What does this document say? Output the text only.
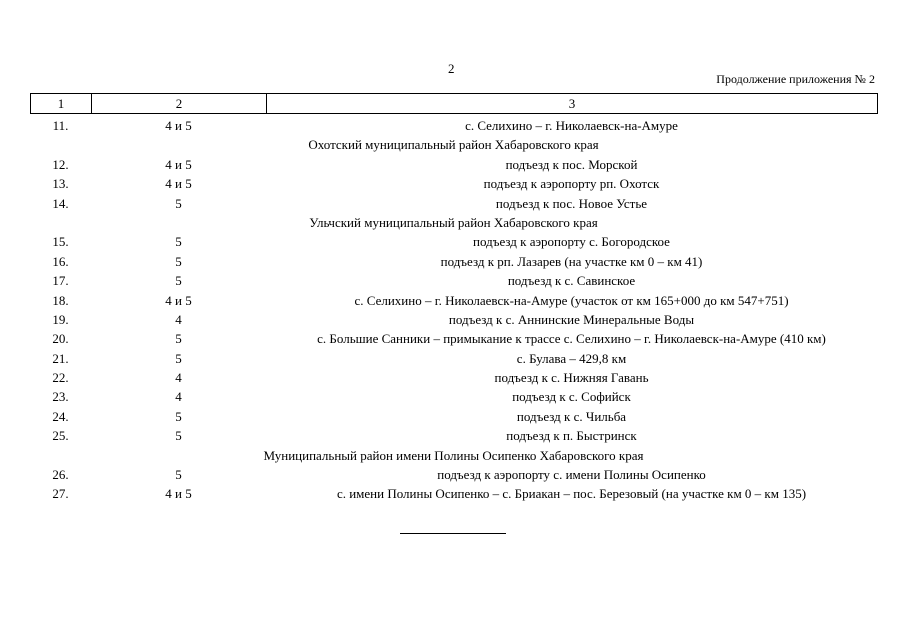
2
Продолжение приложения № 2
1	2	3
11.	4 и 5	с. Селихино – г. Николаевск-на-Амуре
Охотский муниципальный район Хабаровского края
12.	4 и 5	подъезд к пос. Морской
13.	4 и 5	подъезд к аэропорту рп. Охотск
14.	5	подъезд к пос. Новое Устье
Ульчский муниципальный район Хабаровского края
15.	5	подъезд к аэропорту с. Богородское
16.	5	подъезд к рп. Лазарев (на участке км 0 – км 41)
17.	5	подъезд к с. Савинское
18.	4 и 5	с. Селихино – г. Николаевск-на-Амуре (участок от км 165+000 до км 547+751)
19.	4	подъезд к с. Аннинские Минеральные Воды
20.	5	с. Большие Санники – примыкание к трассе с. Селихино – г. Николаевск-на-Амуре (410 км)
21.	5	с. Булава – 429,8 км
22.	4	подъезд к с. Нижняя Гавань
23.	4	подъезд к с. Софийск
24.	5	подъезд к с. Чильба
25.	5	подъезд к п. Быстринск
Муниципальный район имени Полины Осипенко Хабаровского края
26.	5	подъезд к аэропорту с. имени Полины Осипенко
27.	4 и 5	с. имени Полины Осипенко – с. Бриакан – пос. Березовый (на участке км 0 – км 135)
